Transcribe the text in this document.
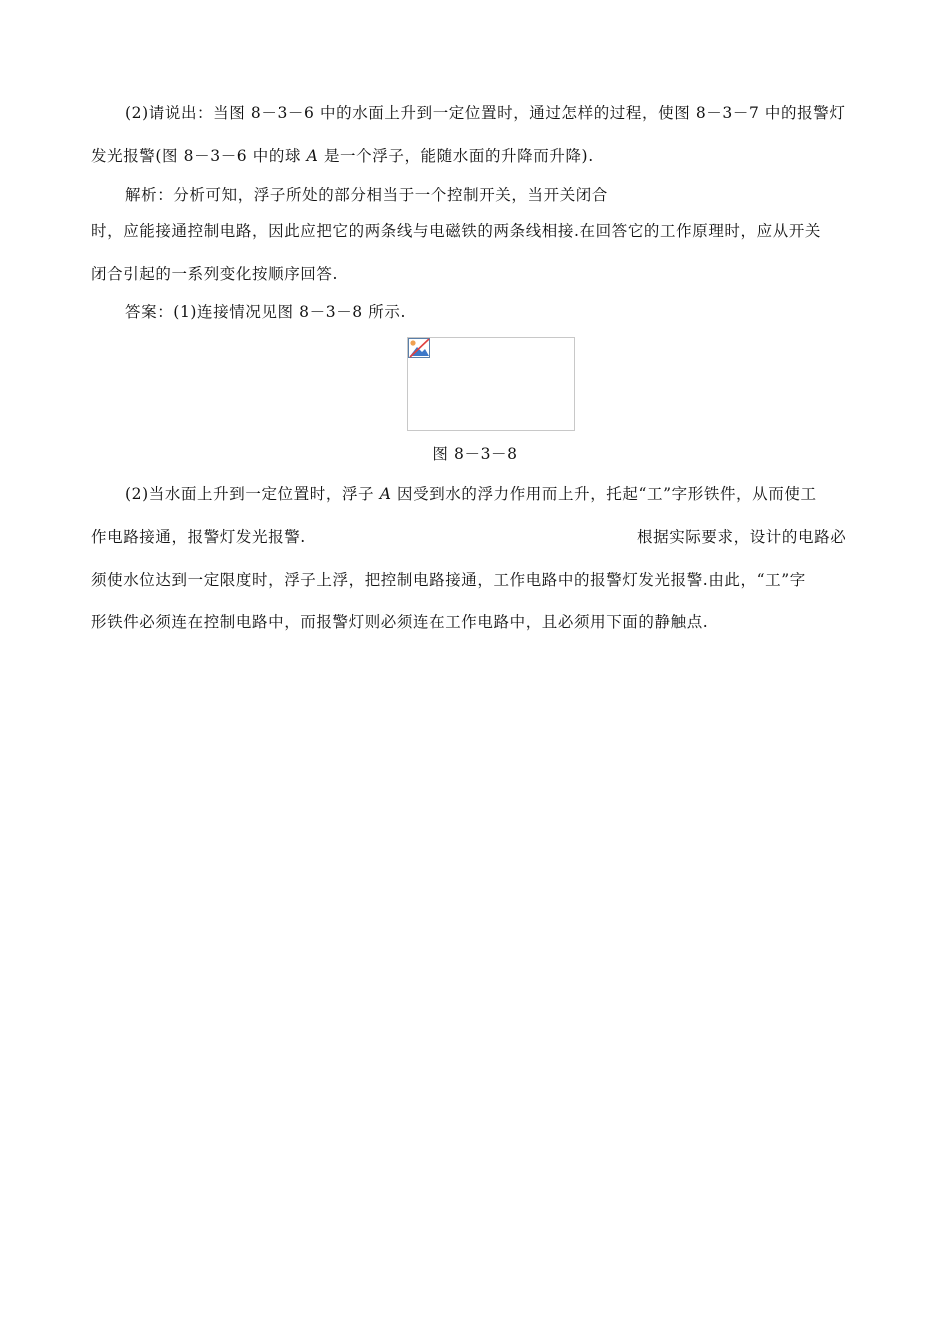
(2)请说出：当图 8－3－6 中的水面上升到一定位置时，通过怎样的过程，使图 8－3－7 中的报警灯
发光报警(图 8－3－6 中的球 A 是一个浮子，能随水面的升降而升降).
解析：分析可知，浮子所处的部分相当于一个控制开关，当开关闭合
时，应能接通控制电路，因此应把它的两条线与电磁铁的两条线相接.在回答它的工作原理时，应从开关
闭合引起的一系列变化按顺序回答.
答案：(1)连接情况见图 8－3－8 所示.
图 8－3－8
(2)当水面上升到一定位置时，浮子 A 因受到水的浮力作用而上升，托起“工”字形铁件，从而使工
作电路接通，报警灯发光报警.	根据实际要求，设计的电路必
须使水位达到一定限度时，浮子上浮，把控制电路接通，工作电路中的报警灯发光报警.由此，“工”字
形铁件必须连在控制电路中，而报警灯则必须连在工作电路中，且必须用下面的静触点.
